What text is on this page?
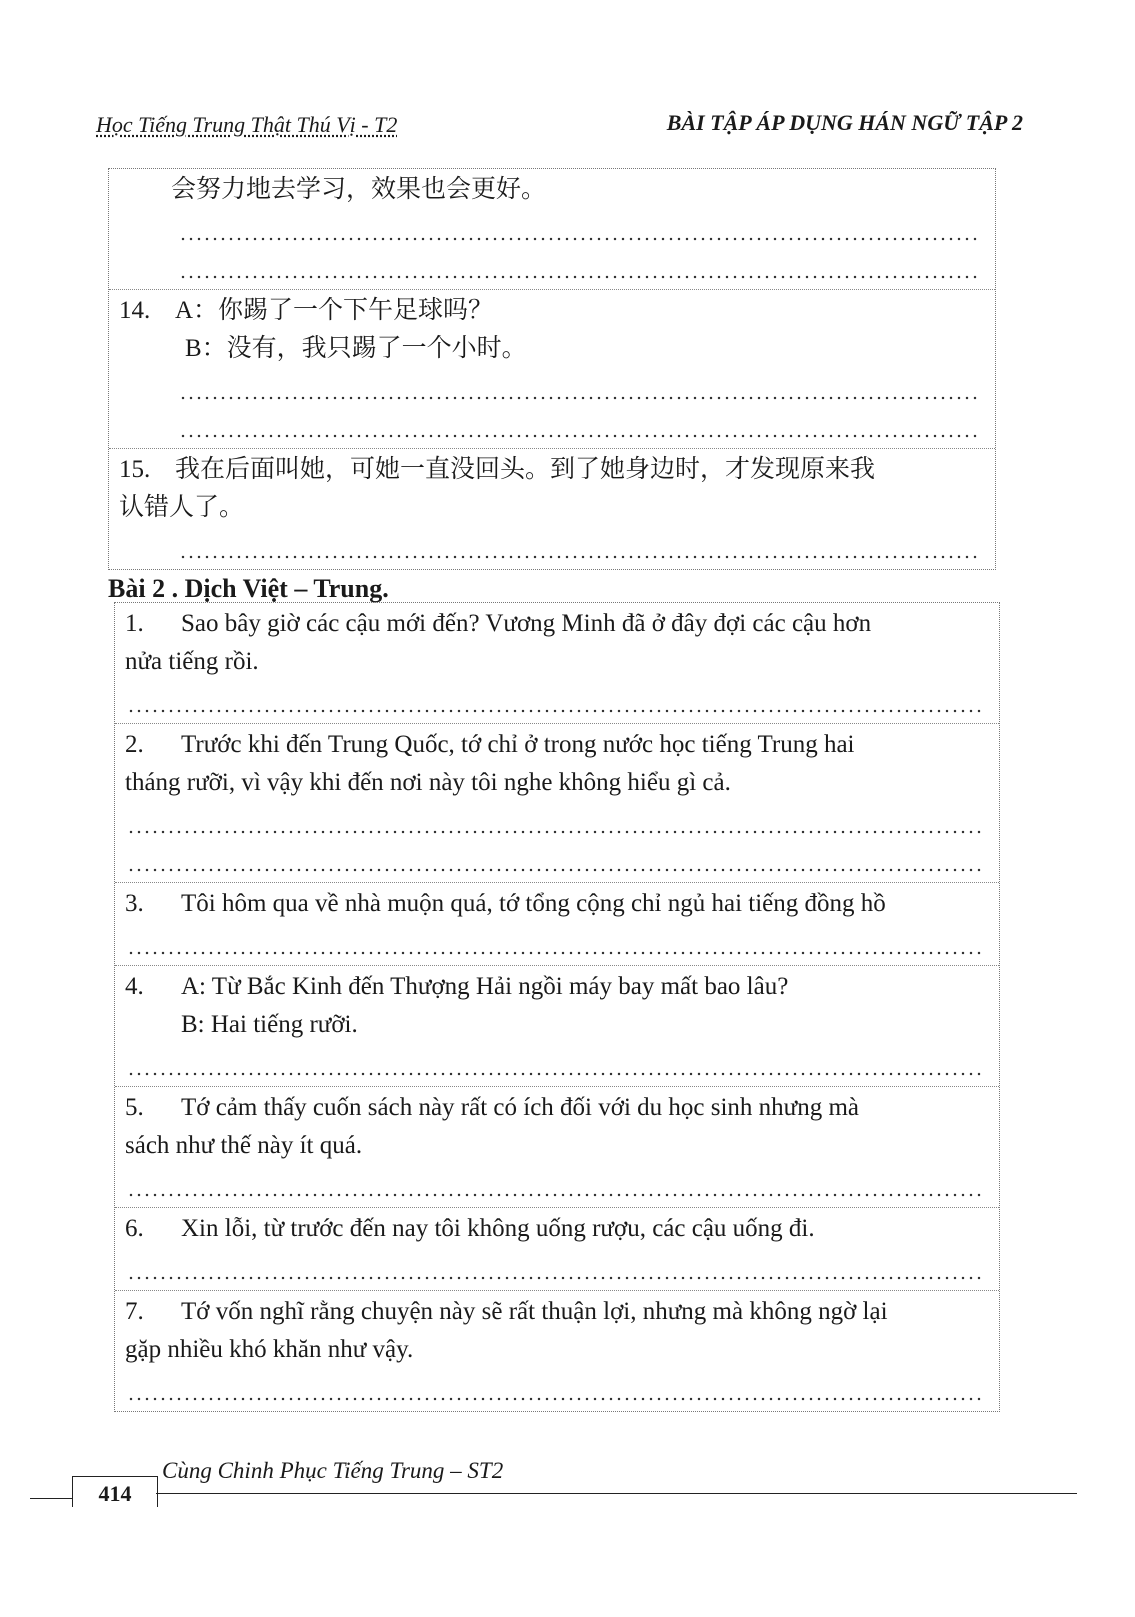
Học Tiếng Trung Thật Thú Vị - T2	BÀI TẬP ÁP DỤNG HÁN NGỮ TẬP 2
会努力地去学习，效果也会更好。
14. A：你踢了一个下午足球吗？
B：没有，我只踢了一个小时。
15. 我在后面叫她，可她一直没回头。到了她身边时，才发现原来我
认错人了。
Bài 2 . Dịch Việt – Trung.
1. Sao bây giờ các cậu mới đến? Vương Minh đã ở đây đợi các cậu hơn
nửa tiếng rồi.
2. Trước khi đến Trung Quốc, tớ chỉ ở trong nước học tiếng Trung hai
tháng rưỡi, vì vậy khi đến nơi này tôi nghe không hiểu gì cả.
3. Tôi hôm qua về nhà muộn quá, tớ tổng cộng chỉ ngủ hai tiếng đồng hồ
4. A: Từ Bắc Kinh đến Thượng Hải ngồi máy bay mất bao lâu?
B: Hai tiếng rưỡi.
5. Tớ cảm thấy cuốn sách này rất có ích đối với du học sinh nhưng mà
sách như thế này ít quá.
6. Xin lỗi, từ trước đến nay tôi không uống rượu, các cậu uống đi.
7. Tớ vốn nghĩ rằng chuyện này sẽ rất thuận lợi, nhưng mà không ngờ lại
gặp nhiều khó khăn như vậy.
Cùng Chinh Phục Tiếng Trung – ST2
414
